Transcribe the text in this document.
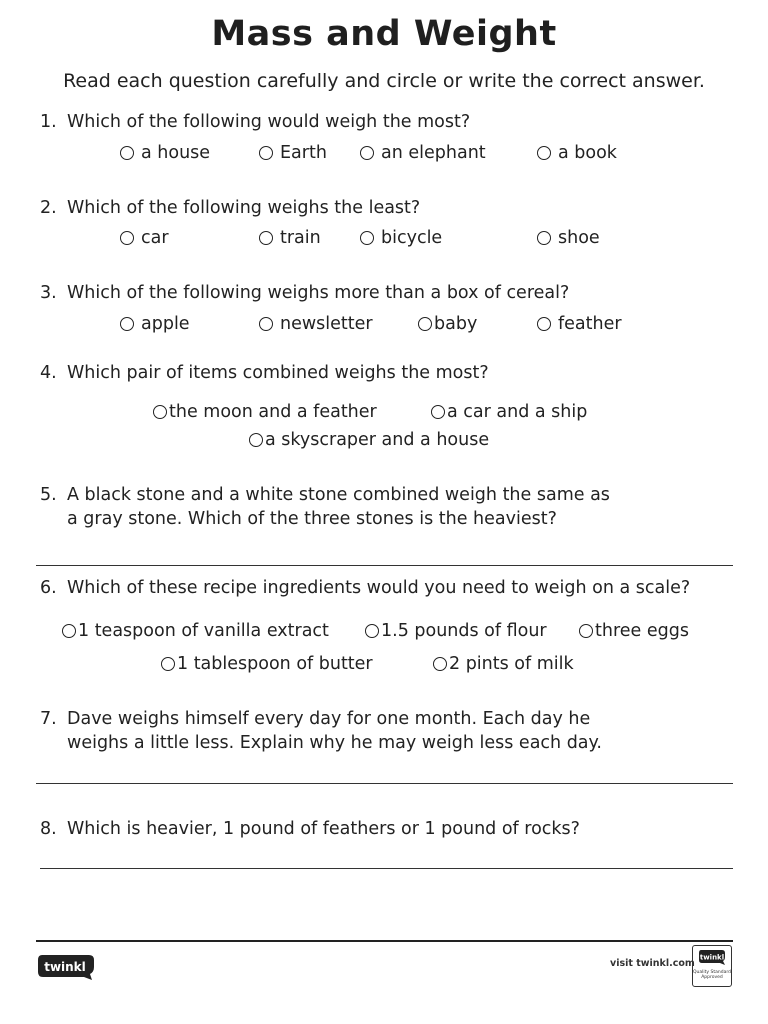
Mass and Weight
Read each question carefully and circle or write the correct answer.
1. Which of the following would weigh the most?
a house	Earth	an elephant	a book
2. Which of the following weighs the least?
car	train	bicycle	shoe
3. Which of the following weighs more than a box of cereal?
apple	newsletter	baby	feather
4. Which pair of items combined weighs the most?
the moon and a feather	a car and a ship
a skyscraper and a house
5. A black stone and a white stone combined weigh the same as
a gray stone. Which of the three stones is the heaviest?
6. Which of these recipe ingredients would you need to weigh on a scale?
1 teaspoon of vanilla extract	1.5 pounds of flour	three eggs
1 tablespoon of butter	2 pints of milk
7. Dave weighs himself every day for one month. Each day he
weighs a little less. Explain why he may weigh less each day.
8. Which is heavier, 1 pound of feathers or 1 pound of rocks?
twinkl	visit twinkl.com
twinkl
Quality Standard Approved
